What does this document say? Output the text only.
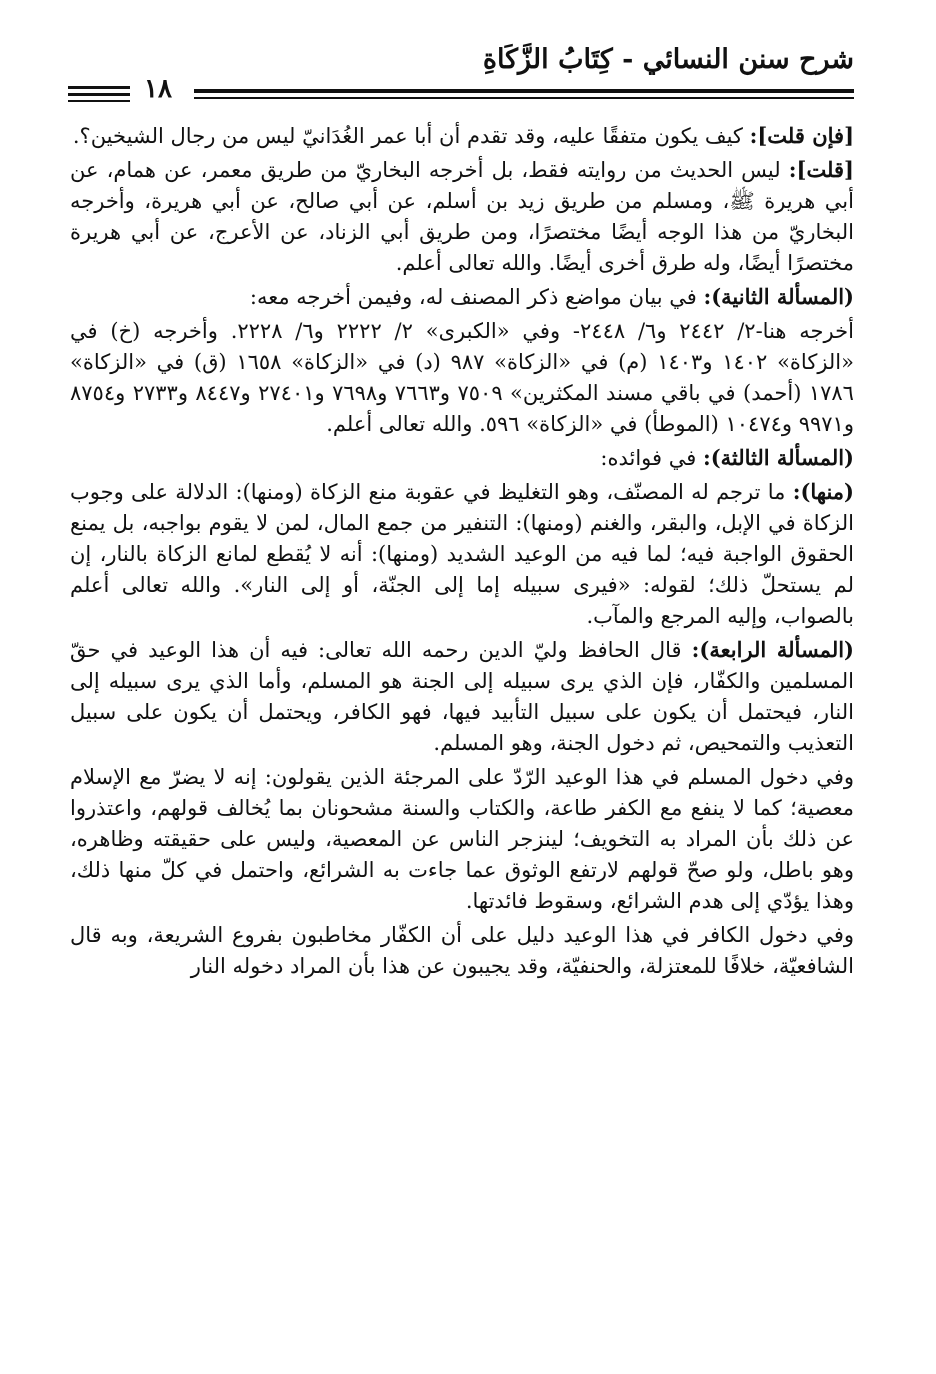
شرح سنن النسائي - كِتَابُ الزَّكَاةِ
١٨

[فإن قلت]: كيف يكون متفقًا عليه، وقد تقدم أن أبا عمر الغُدَانيّ ليس من رجال الشيخين؟.

[قلت]: ليس الحديث من روايته فقط، بل أخرجه البخاريّ من طريق معمر، عن همام، عن أبي هريرة ﷺ، ومسلم من طريق زيد بن أسلم، عن أبي صالح، عن أبي هريرة، وأخرجه البخاريّ من هذا الوجه أيضًا مختصرًا، ومن طريق أبي الزناد، عن الأعرج، عن أبي هريرة مختصرًا أيضًا، وله طرق أخرى أيضًا. والله تعالى أعلم.

(المسألة الثانية): في بيان مواضع ذكر المصنف له، وفيمن أخرجه معه:

أخرجه هنا-٢/ ٢٤٤٢ و٦/ ٢٤٤٨- وفي «الكبرى» ٢/ ٢٢٢٢ و٦/ ٢٢٢٨. وأخرجه (خ) في «الزكاة» ١٤٠٢ و١٤٠٣ (م) في «الزكاة» ٩٨٧ (د) في «الزكاة» ١٦٥٨ (ق) في «الزكاة» ١٧٨٦ (أحمد) في باقي مسند المكثرين» ٧٥٠٩ و٧٦٦٣ و٧٦٩٨ و٢٧٤٠١ و٨٤٤٧ و٢٧٣٣ و٨٧٥٤ و٩٩٧١ و١٠٤٧٤ (الموطأ) في «الزكاة» ٥٩٦. والله تعالى أعلم.

(المسألة الثالثة): في فوائده:

(منها): ما ترجم له المصنّف، وهو التغليظ في عقوبة منع الزكاة (ومنها): الدلالة على وجوب الزكاة في الإبل، والبقر، والغنم (ومنها): التنفير من جمع المال، لمن لا يقوم بواجبه، بل يمنع الحقوق الواجبة فيه؛ لما فيه من الوعيد الشديد (ومنها): أنه لا يُقطع لمانع الزكاة بالنار، إن لم يستحلّ ذلك؛ لقوله: «فيرى سبيله إما إلى الجنّة، أو إلى النار». والله تعالى أعلم بالصواب، وإليه المرجع والمآب.

(المسألة الرابعة): قال الحافظ وليّ الدين رحمه الله تعالى: فيه أن هذا الوعيد في حقّ المسلمين والكفّار، فإن الذي يرى سبيله إلى الجنة هو المسلم، وأما الذي يرى سبيله إلى النار، فيحتمل أن يكون على سبيل التأبيد فيها، فهو الكافر، ويحتمل أن يكون على سبيل التعذيب والتمحيص، ثم دخول الجنة، وهو المسلم.

وفي دخول المسلم في هذا الوعيد الرّدّ على المرجئة الذين يقولون: إنه لا يضرّ مع الإسلام معصية؛ كما لا ينفع مع الكفر طاعة، والكتاب والسنة مشحونان بما يُخالف قولهم، واعتذروا عن ذلك بأن المراد به التخويف؛ لينزجر الناس عن المعصية، وليس على حقيقته وظاهره، وهو باطل، ولو صحّ قولهم لارتفع الوثوق عما جاءت به الشرائع، واحتمل في كلّ منها ذلك، وهذا يؤدّي إلى هدم الشرائع، وسقوط فائدتها.

وفي دخول الكافر في هذا الوعيد دليل على أن الكفّار مخاطبون بفروع الشريعة، وبه قال الشافعيّة، خلافًا للمعتزلة، والحنفيّة، وقد يجيبون عن هذا بأن المراد دخوله النار
